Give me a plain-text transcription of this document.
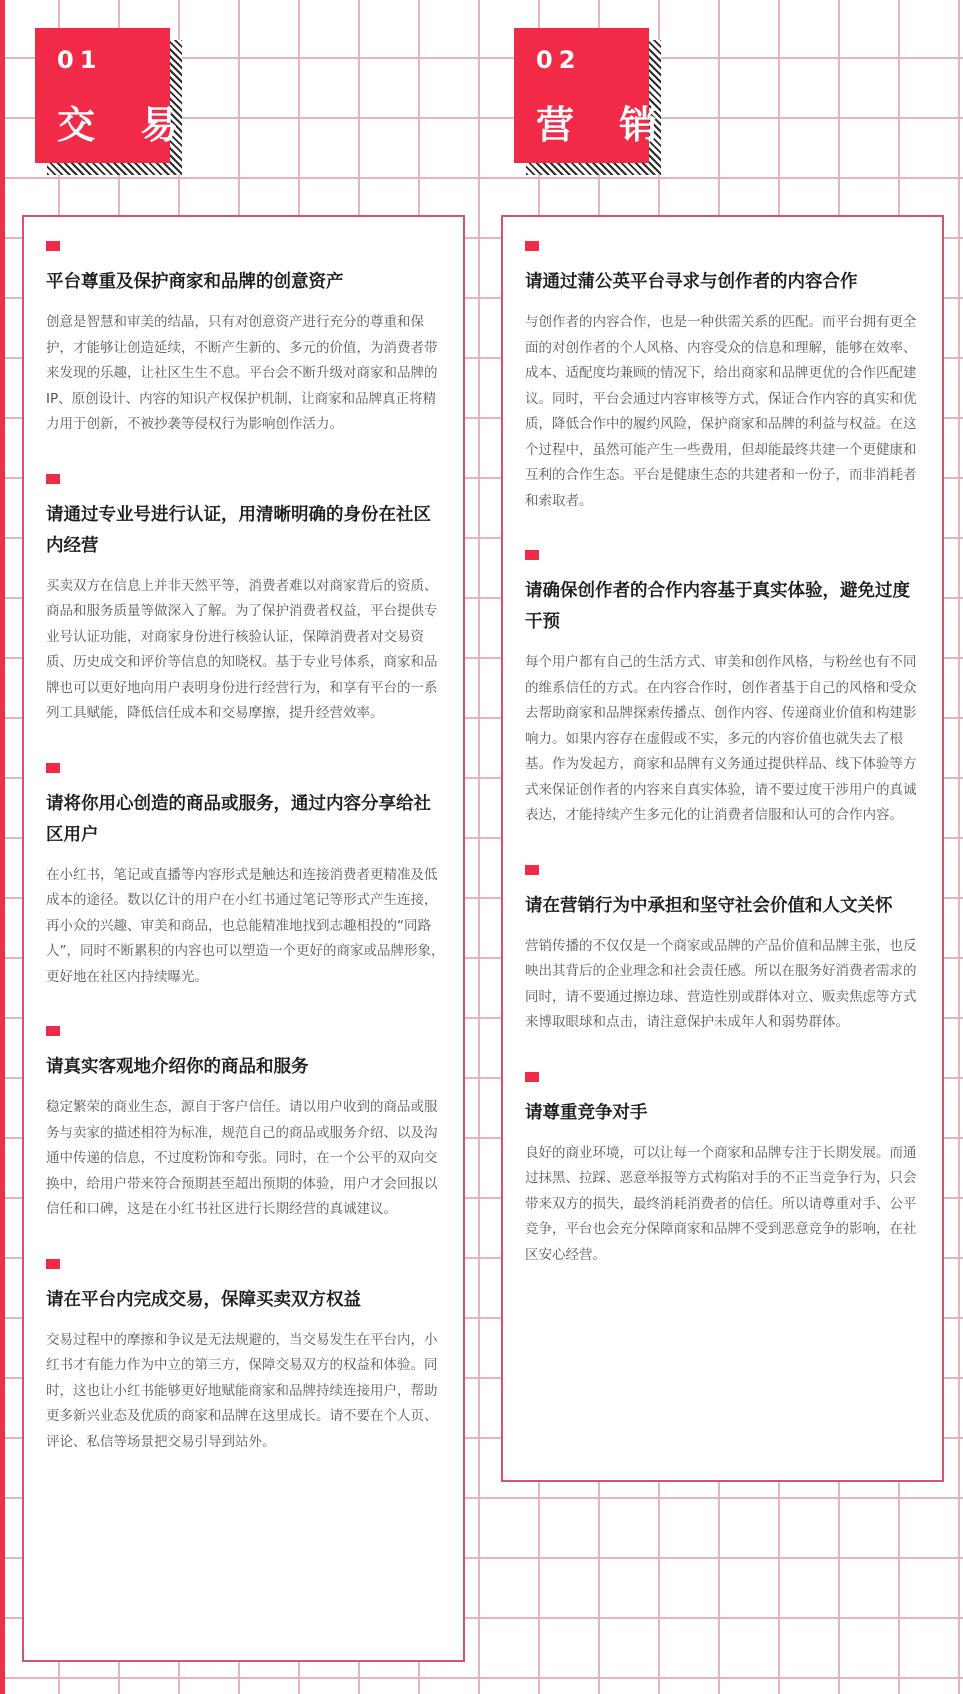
01
交 易
02
营 销
平台尊重及保护商家和品牌的创意资产
创意是智慧和审美的结晶，只有对创意资产进行充分的尊重和保护，才能够让创造延续，不断产生新的、多元的价值，为消费者带来发现的乐趣，让社区生生不息。平台会不断升级对商家和品牌的IP、原创设计、内容的知识产权保护机制，让商家和品牌真正将精力用于创新，不被抄袭等侵权行为影响创作活力。
请通过专业号进行认证，用清晰明确的身份在社区内经营
买卖双方在信息上并非天然平等，消费者难以对商家背后的资质、商品和服务质量等做深入了解。为了保护消费者权益，平台提供专业号认证功能，对商家身份进行核验认证，保障消费者对交易资质、历史成交和评价等信息的知晓权。基于专业号体系，商家和品牌也可以更好地向用户表明身份进行经营行为，和享有平台的一系列工具赋能，降低信任成本和交易摩擦，提升经营效率。
请将你用心创造的商品或服务，通过内容分享给社区用户
在小红书，笔记或直播等内容形式是触达和连接消费者更精准及低成本的途径。数以亿计的用户在小红书通过笔记等形式产生连接，再小众的兴趣、审美和商品，也总能精准地找到志趣相投的“同路人”，同时不断累积的内容也可以塑造一个更好的商家或品牌形象，更好地在社区内持续曝光。
请真实客观地介绍你的商品和服务
稳定繁荣的商业生态，源自于客户信任。请以用户收到的商品或服务与卖家的描述相符为标准，规范自己的商品或服务介绍、以及沟通中传递的信息，不过度粉饰和夸张。同时，在一个公平的双向交换中，给用户带来符合预期甚至超出预期的体验，用户才会回报以信任和口碑，这是在小红书社区进行长期经营的真诚建议。
请在平台内完成交易，保障买卖双方权益
交易过程中的摩擦和争议是无法规避的，当交易发生在平台内，小红书才有能力作为中立的第三方，保障交易双方的权益和体验。同时，这也让小红书能够更好地赋能商家和品牌持续连接用户，帮助更多新兴业态及优质的商家和品牌在这里成长。请不要在个人页、评论、私信等场景把交易引导到站外。
请通过蒲公英平台寻求与创作者的内容合作
与创作者的内容合作，也是一种供需关系的匹配。而平台拥有更全面的对创作者的个人风格、内容受众的信息和理解，能够在效率、成本、适配度均兼顾的情况下，给出商家和品牌更优的合作匹配建议。同时，平台会通过内容审核等方式，保证合作内容的真实和优质，降低合作中的履约风险，保护商家和品牌的利益与权益。在这个过程中，虽然可能产生一些费用，但却能最终共建一个更健康和互利的合作生态。平台是健康生态的共建者和一份子，而非消耗者和索取者。
请确保创作者的合作内容基于真实体验，避免过度干预
每个用户都有自己的生活方式、审美和创作风格，与粉丝也有不同的维系信任的方式。在内容合作时，创作者基于自己的风格和受众去帮助商家和品牌探索传播点、创作内容、传递商业价值和构建影响力。如果内容存在虚假或不实，多元的内容价值也就失去了根基。作为发起方，商家和品牌有义务通过提供样品、线下体验等方式来保证创作者的内容来自真实体验，请不要过度干涉用户的真诚表达，才能持续产生多元化的让消费者信服和认可的合作内容。
请在营销行为中承担和坚守社会价值和人文关怀
营销传播的不仅仅是一个商家或品牌的产品价值和品牌主张，也反映出其背后的企业理念和社会责任感。所以在服务好消费者需求的同时，请不要通过擦边球、营造性别或群体对立、贩卖焦虑等方式来博取眼球和点击，请注意保护未成年人和弱势群体。
请尊重竞争对手
良好的商业环境，可以让每一个商家和品牌专注于长期发展。而通过抹黑、拉踩、恶意举报等方式构陷对手的不正当竞争行为，只会带来双方的损失，最终消耗消费者的信任。所以请尊重对手、公平竞争，平台也会充分保障商家和品牌不受到恶意竞争的影响，在社区安心经营。
